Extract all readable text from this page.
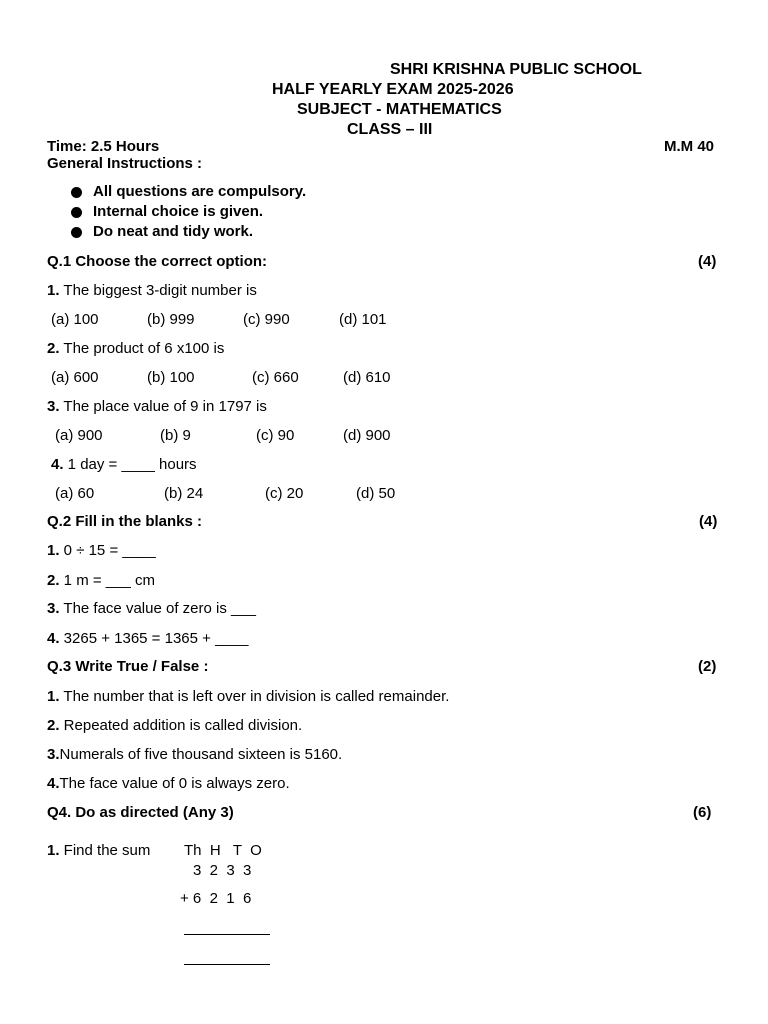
SHRI KRISHNA PUBLIC SCHOOL
HALF YEARLY EXAM 2025-2026
SUBJECT - MATHEMATICS
CLASS – III
Time: 2.5 Hours	M.M 40
General Instructions :
All questions are compulsory.
Internal choice is given.
Do neat and tidy work.
Q.1 Choose the correct option:	(4)
1. The biggest 3-digit number is
(a) 100	(b) 999	(c) 990	(d) 101
2. The product of 6 x100 is
(a) 600	(b) 100	(c) 660	(d) 610
3. The place value of 9 in 1797 is
(a) 900	(b) 9	(c) 90	(d) 900
4. 1 day = ____ hours
(a) 60	(b) 24	(c) 20	(d) 50
Q.2 Fill in the blanks :	(4)
1. 0 ÷ 15 = ____
2. 1 m = ___ cm
3. The face value of zero is ___
4. 3265 + 1365 = 1365 + ____
Q.3 Write True / False :	(2)
1. The number that is left over in division is called remainder.
2. Repeated addition is called division.
3.Numerals of five thousand sixteen is 5160.
4.The face value of 0 is always zero.
Q4. Do as directed (Any 3)	(6)
1. Find the sum Th  H   T  O
3  2  3  3
+ 6  2  1  6
